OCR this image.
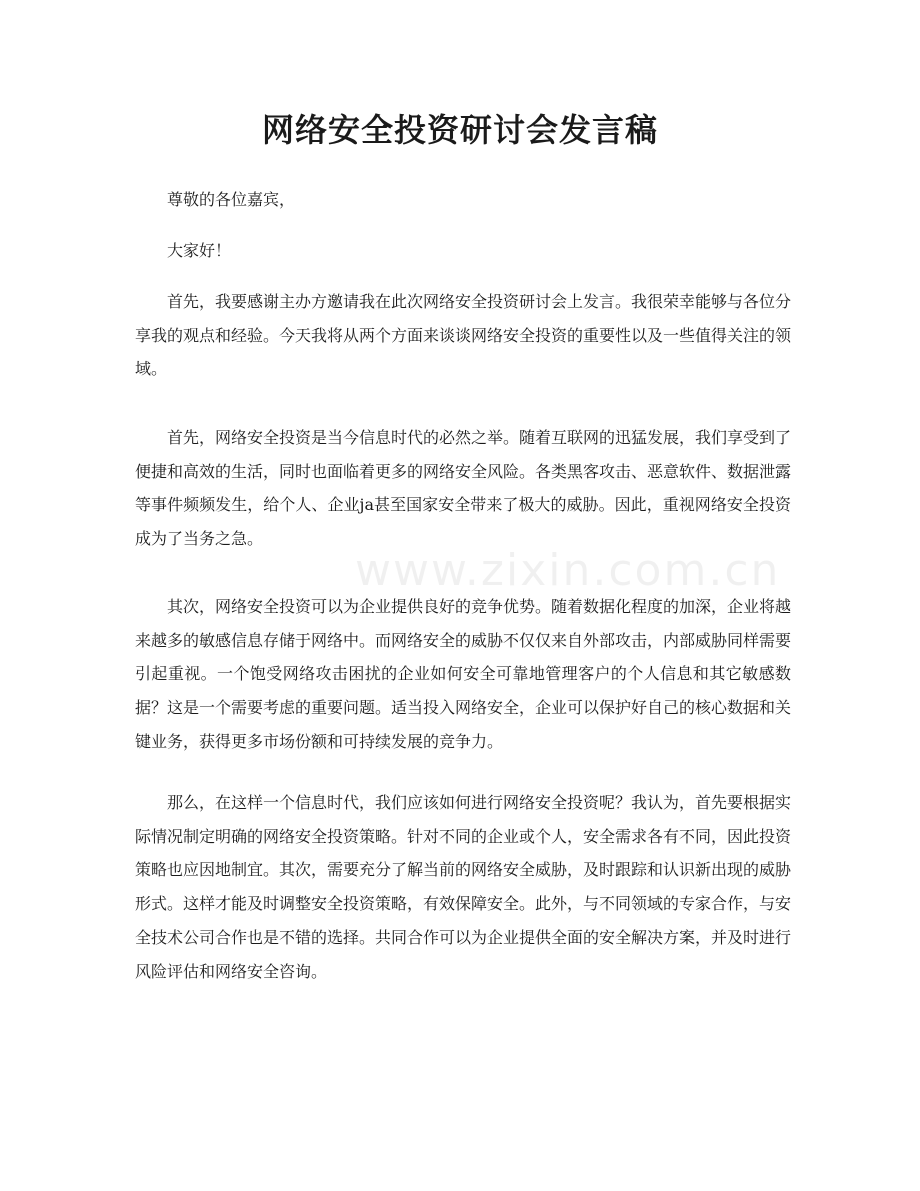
网络安全投资研讨会发言稿

尊敬的各位嘉宾，

大家好！

首先，我要感谢主办方邀请我在此次网络安全投资研讨会上发言。我很荣幸能够与各位分享我的观点和经验。今天我将从两个方面来谈谈网络安全投资的重要性以及一些值得关注的领域。

首先，网络安全投资是当今信息时代的必然之举。随着互联网的迅猛发展，我们享受到了便捷和高效的生活，同时也面临着更多的网络安全风险。各类黑客攻击、恶意软件、数据泄露等事件频频发生，给个人、企业ja甚至国家安全带来了极大的威胁。因此，重视网络安全投资成为了当务之急。

其次，网络安全投资可以为企业提供良好的竞争优势。随着数据化程度的加深，企业将越来越多的敏感信息存储于网络中。而网络安全的威胁不仅仅来自外部攻击，内部威胁同样需要引起重视。一个饱受网络攻击困扰的企业如何安全可靠地管理客户的个人信息和其它敏感数据？这是一个需要考虑的重要问题。适当投入网络安全，企业可以保护好自己的核心数据和关键业务，获得更多市场份额和可持续发展的竞争力。

那么，在这样一个信息时代，我们应该如何进行网络安全投资呢？我认为，首先要根据实际情况制定明确的网络安全投资策略。针对不同的企业或个人，安全需求各有不同，因此投资策略也应因地制宜。其次，需要充分了解当前的网络安全威胁，及时跟踪和认识新出现的威胁形式。这样才能及时调整安全投资策略，有效保障安全。此外，与不同领域的专家合作，与安全技术公司合作也是不错的选择。共同合作可以为企业提供全面的安全解决方案，并及时进行风险评估和网络安全咨询。

www.zixin.com.cn
